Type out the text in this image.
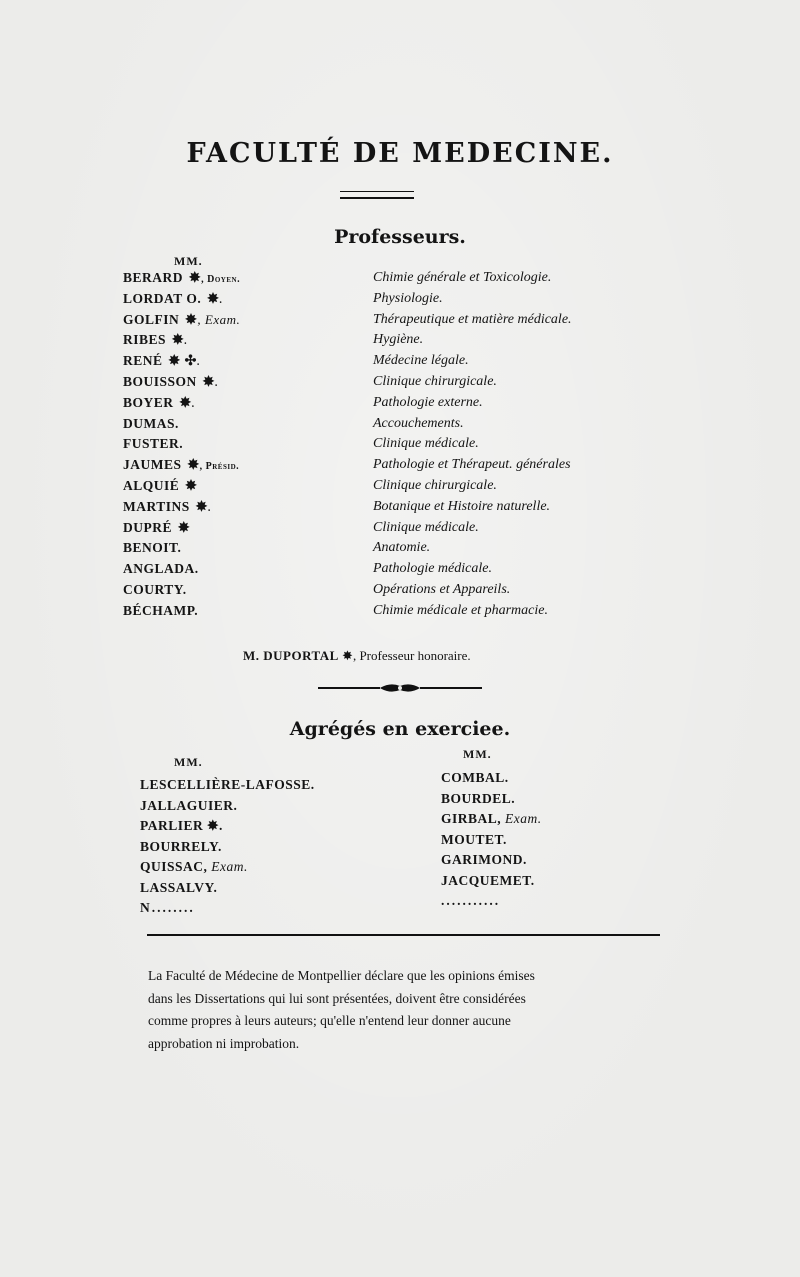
FACULTÉ DE MEDECINE.
Professeurs.
MM.
BERARD ✸, Doyen.	Chimie générale et Toxicologie.
LORDAT O. ✸.	Physiologie.
GOLFIN ✸, Exam.	Thérapeutique et matière médicale.
RIBES ✸.	Hygiène.
RENÉ ✸ ✣.	Médecine légale.
BOUISSON ✸.	Clinique chirurgicale.
BOYER ✸.	Pathologie externe.
DUMAS.	Accouchements.
FUSTER.	Clinique médicale.
JAUMES ✸, Présid.	Pathologie et Thérapeut. générales
ALQUIÉ ✸	Clinique chirurgicale.
MARTINS ✸.	Botanique et Histoire naturelle.
DUPRÉ ✸	Clinique médicale.
BENOIT.	Anatomie.
ANGLADA.	Pathologie médicale.
COURTY.	Opérations et Appareils.
BÉCHAMP.	Chimie médicale et pharmacie.
M. DUPORTAL ✸, Professeur honoraire.
Agrégés en exerciee.
MM.
MM.
LESCELLIÈRE-LAFOSSE.
JALLAGUIER.
PARLIER ✸.
BOURRELY.
QUISSAC, Exam.
LASSALVY.
N........
COMBAL.
BOURDEL.
GIRBAL, Exam.
MOUTET.
GARIMOND.
JACQUEMET.
...........
La Faculté de Médecine de Montpellier déclare que les opinions émises
dans les Dissertations qui lui sont présentées, doivent être considérées
comme propres à leurs auteurs; qu'elle n'entend leur donner aucune
approbation ni improbation.
